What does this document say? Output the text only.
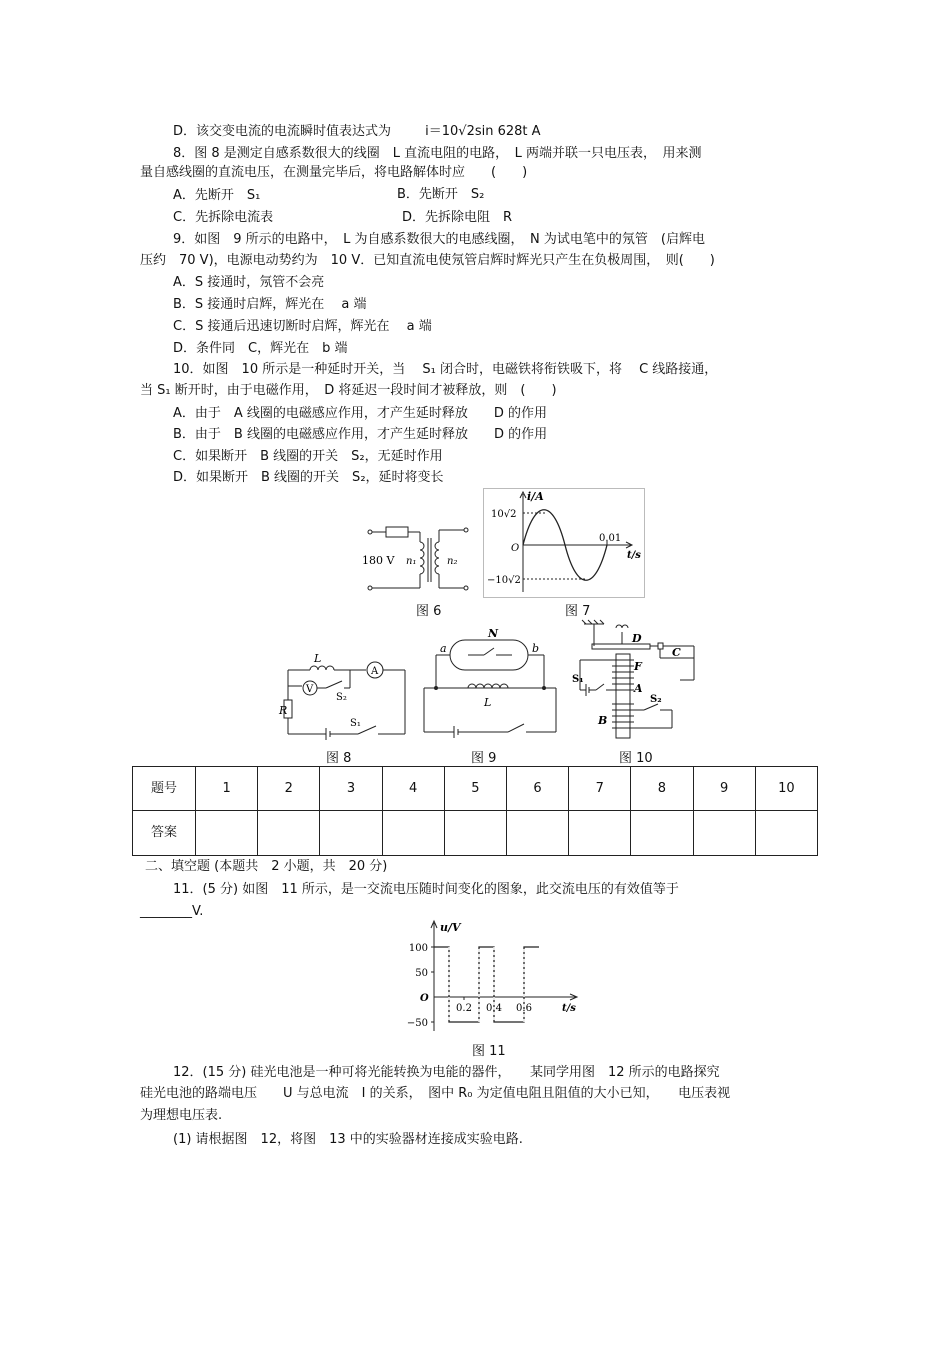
D．该交变电流的电流瞬时值表达式为	i＝10√2sin 628t A
8．图 8 是测定自感系数很大的线圈　L 直流电阻的电路，　L 两端并联一只电压表，　用来测
量自感线圈的直流电压，在测量完毕后，将电路解体时应　　(　　)
A．先断开　S₁	B．先断开　S₂
C．先拆除电流表	D．先拆除电阻　R
9．如图　9 所示的电路中，　L 为自感系数很大的电感线圈，　N 为试电笔中的氖管　(启辉电
压约　70 V)，电源电动势约为　10 V．已知直流电使氖管启辉时辉光只产生在负极周围，　则(　　)
A．S 接通时，氖管不会亮
B．S 接通时启辉，辉光在　 a 端
C．S 接通后迅速切断时启辉，辉光在　 a 端
D．条件同　C，辉光在　b 端
10．如图　10 所示是一种延时开关，当　 S₁ 闭合时，电磁铁将衔铁吸下，将　 C 线路接通，
当 S₁ 断开时，由于电磁作用，　D 将延迟一段时间才被释放，则　(　　)
A．由于　A 线圈的电磁感应作用，才产生延时释放　　D 的作用
B．由于　B 线圈的电磁感应作用，才产生延时释放　　D 的作用
C．如果断开　B 线圈的开关　S₂，无延时作用
D．如果断开　B 线圈的开关　S₂，延时将变长
180 V n₁	n₂
图 6
i/A
10√2
O
0.01
t/s
−10√2
图 7
L
A
V
S₂
R
S₁
图 8
N
a	b
L
图 9
D
C
F
S₁
A
S₂
B
图 10
题号	1	2	3	4	5	6	7	8	9	10
答案										
二、填空题 (本题共　2 小题，共　20 分)
11．(5 分) 如图　11 所示，是一交流电压随时间变化的图象，此交流电压的有效值等于
________V.
u/V
O
t/s
100
50
−50
0.2 0.4 0.6
图 11
12．(15 分) 硅光电池是一种可将光能转换为电能的器件，　　某同学用图　12 所示的电路探究
硅光电池的路端电压　　U 与总电流　I 的关系，　图中 R₀ 为定值电阻且阻值的大小已知，　　电压表视
为理想电压表.
(1) 请根据图　12，将图　13 中的实验器材连接成实验电路.
